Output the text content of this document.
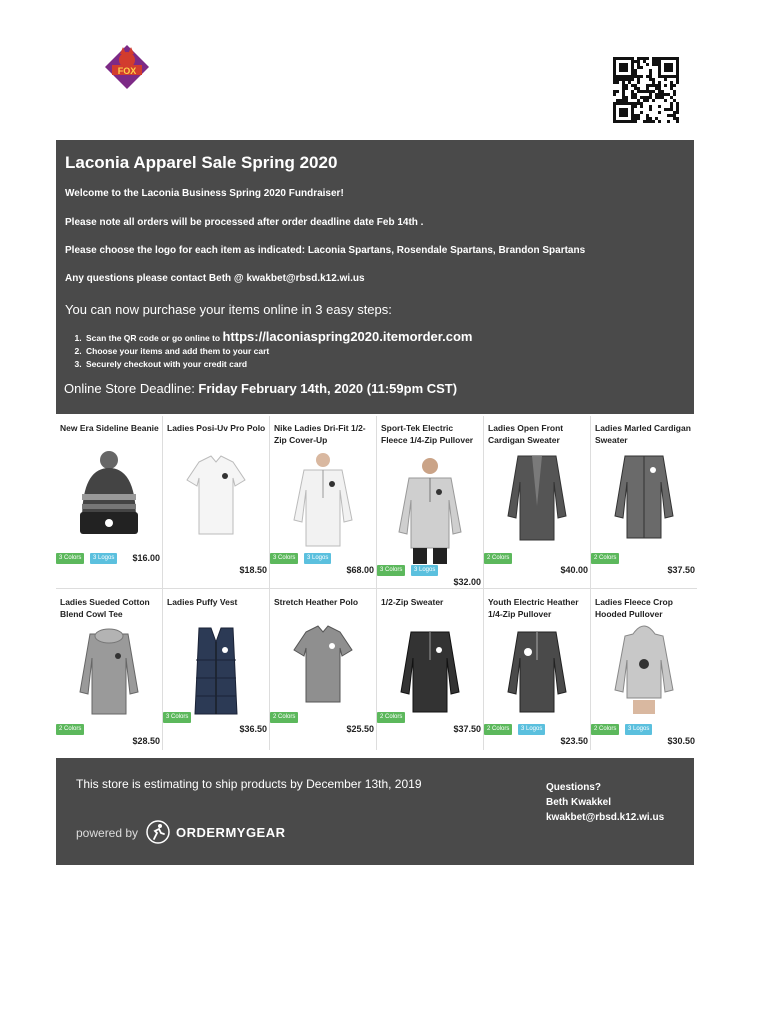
FOX
Laconia Apparel Sale Spring 2020
Welcome to the Laconia Business Spring 2020 Fundraiser!
Please note all orders will be processed after order deadline date Feb 14th .
Please choose the logo for each item as indicated: Laconia Spartans, Rosendale Spartans, Brandon Spartans
Any questions please contact Beth @ kwakbet@rbsd.k12.wi.us
You can now purchase your items online in 3 easy steps:
1. Scan the QR code or go online to https://laconiaspring2020.itemorder.com
2. Choose your items and add them to your cart
3. Securely checkout with your credit card
Online Store Deadline: Friday February 14th, 2020 (11:59pm CST)
New Era Sideline Beanie
3 Colors	3 Logos	$16.00
Ladies Posi-Uv Pro Polo
$18.50
Nike Ladies Dri-Fit 1/2-Zip Cover-Up
3 Colors	3 Logos
$68.00
Sport-Tek Electric Fleece 1/4-Zip Pullover
3 Colors	3 Logos
$32.00
Ladies Open Front Cardigan Sweater
2 Colors
$40.00
Ladies Marled Cardigan Sweater
2 Colors
$37.50
Ladies Sueded Cotton Blend Cowl Tee
2 Colors
$28.50
Ladies Puffy Vest
3 Colors
$36.50
Stretch Heather Polo
2 Colors
$25.50
1/2-Zip Sweater
2 Colors
$37.50
Youth Electric Heather 1/4-Zip Pullover
2 Colors	3 Logos
$23.50
Ladies Fleece Crop Hooded Pullover
2 Colors	3 Logos
$30.50
This store is estimating to ship products by December 13th, 2019
powered by	ORDERMYGEAR
Questions?
Beth Kwakkel
kwakbet@rbsd.k12.wi.us
